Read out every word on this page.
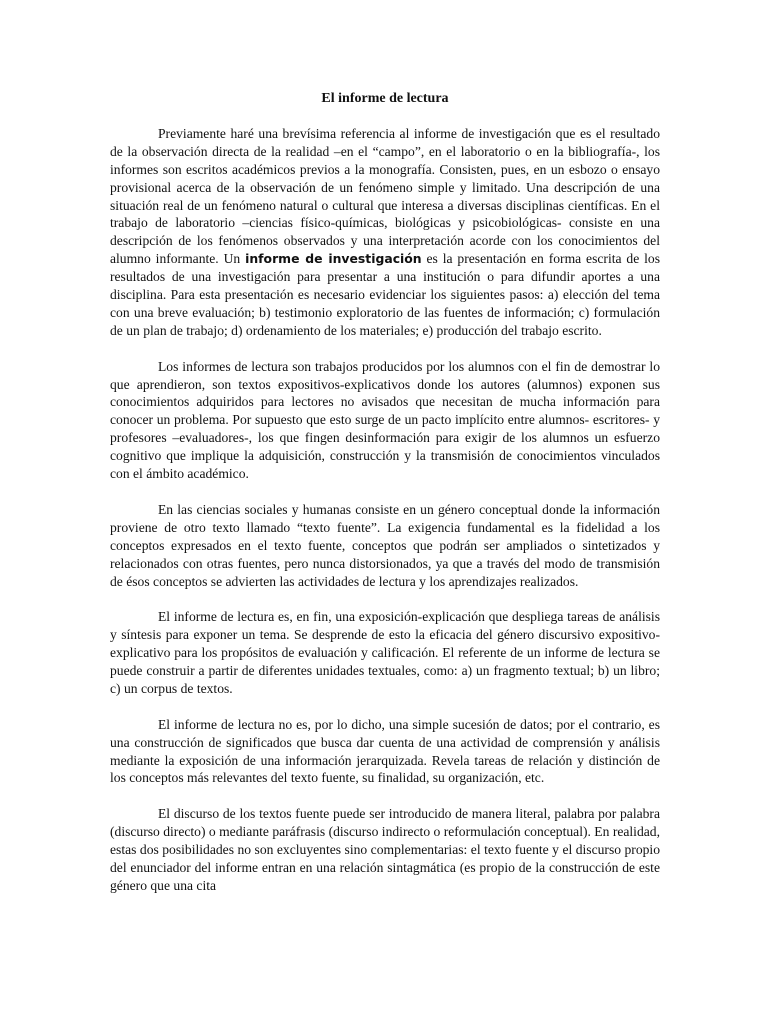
El informe de lectura

Previamente haré una brevísima referencia al informe de investigación que es el resultado de la observación directa de la realidad –en el “campo”, en el laboratorio o en la bibliografía-, los informes son escritos académicos previos a la monografía. Consisten, pues, en un esbozo o ensayo provisional acerca de la observación de un fenómeno simple y limitado. Una descripción de una situación real de un fenómeno natural o cultural que interesa a diversas disciplinas científicas. En el trabajo de laboratorio –ciencias físico-químicas, biológicas y psicobiológicas- consiste en una descripción de los fenómenos observados y una interpretación acorde con los conocimientos del alumno informante. Un informe de investigación es la presentación en forma escrita de los resultados de una investigación para presentar a una institución o para difundir aportes a una disciplina. Para esta presentación es necesario evidenciar los siguientes pasos: a) elección del tema con una breve evaluación; b) testimonio exploratorio de las fuentes de información; c) formulación de un plan de trabajo; d) ordenamiento de los materiales; e) producción del trabajo escrito.

Los informes de lectura son trabajos producidos por los alumnos con el fin de demostrar lo que aprendieron, son textos expositivos-explicativos donde los autores (alumnos) exponen sus conocimientos adquiridos para lectores no avisados que necesitan de mucha información para conocer un problema. Por supuesto que esto surge de un pacto implícito entre alumnos- escritores- y profesores –evaluadores-, los que fingen desinformación para exigir de los alumnos un esfuerzo cognitivo que implique la adquisición, construcción y la transmisión de conocimientos vinculados con el ámbito académico.

En las ciencias sociales y humanas consiste en un género conceptual donde la información proviene de otro texto llamado “texto fuente”. La exigencia fundamental es la fidelidad a los conceptos expresados en el texto fuente, conceptos que podrán ser ampliados o sintetizados y relacionados con otras fuentes, pero nunca distorsionados, ya que a través del modo de transmisión de ésos conceptos se advierten las actividades de lectura y los aprendizajes realizados.

El informe de lectura es, en fin, una exposición-explicación que despliega tareas de análisis y síntesis para exponer un tema. Se desprende de esto la eficacia del género discursivo expositivo-explicativo para los propósitos de evaluación y calificación. El referente de un informe de lectura se puede construir a partir de diferentes unidades textuales, como: a) un fragmento textual; b) un libro; c) un corpus de textos.

El informe de lectura no es, por lo dicho, una simple sucesión de datos; por el contrario, es una construcción de significados que busca dar cuenta de una actividad de comprensión y análisis mediante la exposición de una información jerarquizada. Revela tareas de relación y distinción de los conceptos más relevantes del texto fuente, su finalidad, su organización, etc.

El discurso de los textos fuente puede ser introducido de manera literal, palabra por palabra (discurso directo) o mediante paráfrasis (discurso indirecto o reformulación conceptual). En realidad, estas dos posibilidades no son excluyentes sino complementarias: el texto fuente y el discurso propio del enunciador del informe entran en una relación sintagmática (es propio de la construcción de este género que una cita
